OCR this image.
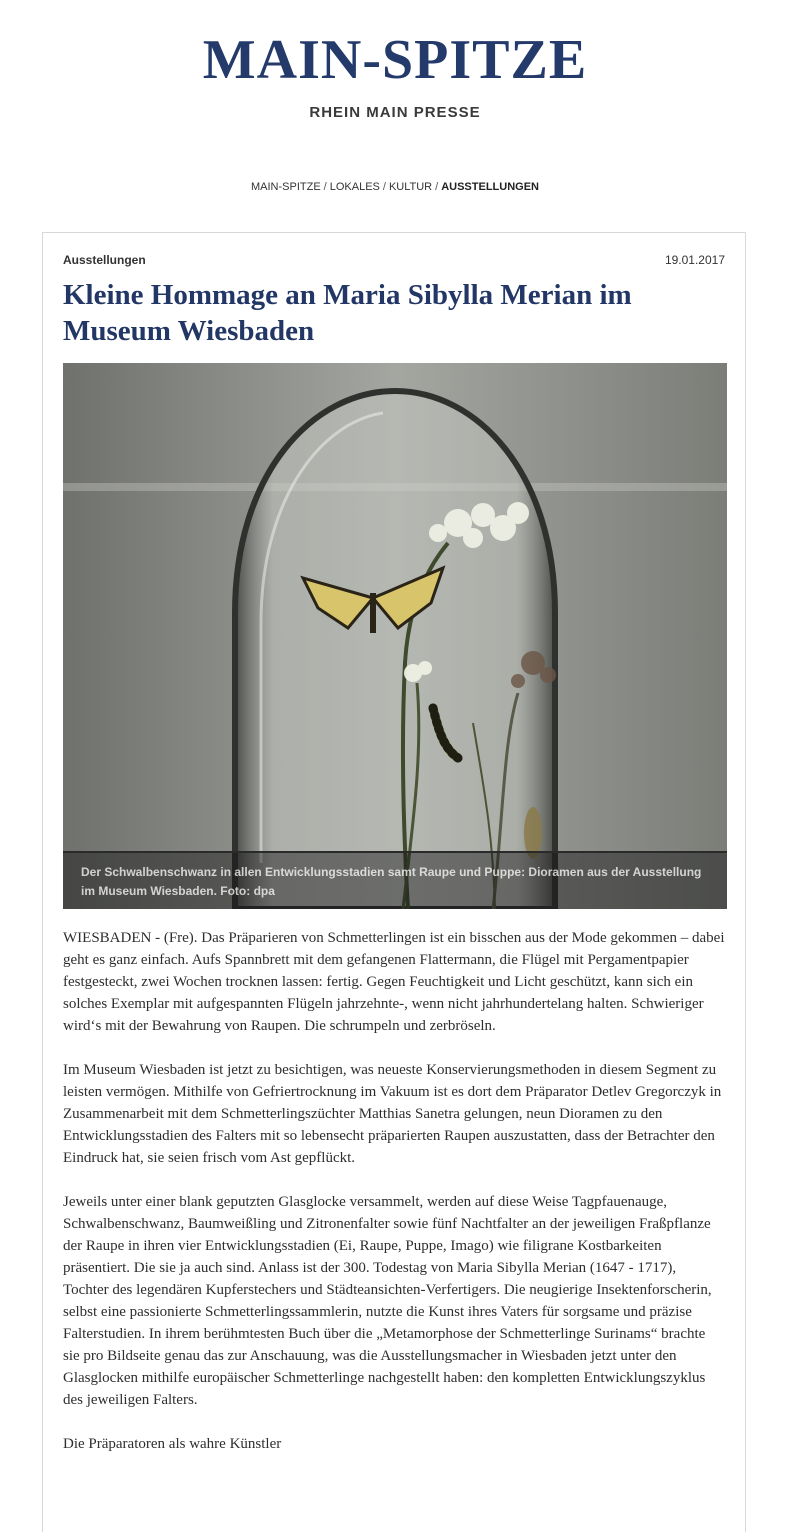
MAIN-SPITZE
RHEIN MAIN PRESSE
MAIN-SPITZE / LOKALES / KULTUR / AUSSTELLUNGEN
Ausstellungen	19.01.2017
Kleine Hommage an Maria Sibylla Merian im Museum Wiesbaden
Der Schwalbenschwanz in allen Entwicklungsstadien samt Raupe und Puppe: Dioramen aus der Ausstellung im Museum Wiesbaden. Foto: dpa

WIESBADEN - (Fre). Das Präparieren von Schmetterlingen ist ein bisschen aus der Mode gekommen – dabei geht es ganz einfach. Aufs Spannbrett mit dem gefangenen Flattermann, die Flügel mit Pergamentpapier festgesteckt, zwei Wochen trocknen lassen: fertig. Gegen Feuchtigkeit und Licht geschützt, kann sich ein solches Exemplar mit aufgespannten Flügeln jahrzehnte-, wenn nicht jahrhundertelang halten. Schwieriger wird‘s mit der Bewahrung von Raupen. Die schrumpeln und zerbröseln.

Im Museum Wiesbaden ist jetzt zu besichtigen, was neueste Konservierungsmethoden in diesem Segment zu leisten vermögen. Mithilfe von Gefriertrocknung im Vakuum ist es dort dem Präparator Detlev Gregorczyk in Zusammenarbeit mit dem Schmetterlingszüchter Matthias Sanetra gelungen, neun Dioramen zu den Entwicklungsstadien des Falters mit so lebensecht präparierten Raupen auszustatten, dass der Betrachter den Eindruck hat, sie seien frisch vom Ast gepflückt.

Jeweils unter einer blank geputzten Glasglocke versammelt, werden auf diese Weise Tagpfauenauge, Schwalbenschwanz, Baumweißling und Zitronenfalter sowie fünf Nachtfalter an der jeweiligen Fraßpflanze der Raupe in ihren vier Entwicklungsstadien (Ei, Raupe, Puppe, Imago) wie filigrane Kostbarkeiten präsentiert. Die sie ja auch sind. Anlass ist der 300. Todestag von Maria Sibylla Merian (1647 - 1717), Tochter des legendären Kupferstechers und Städteansichten-Verfertigers. Die neugierige Insektenforscherin, selbst eine passionierte Schmetterlingssammlerin, nutzte die Kunst ihres Vaters für sorgsame und präzise Falterstudien. In ihrem berühmtesten Buch über die „Metamorphose der Schmetterlinge Surinams“ brachte sie pro Bildseite genau das zur Anschauung, was die Ausstellungsmacher in Wiesbaden jetzt unter den Glasglocken mithilfe europäischer Schmetterlinge nachgestellt haben: den kompletten Entwicklungszyklus des jeweiligen Falters.

Die Präparatoren als wahre Künstler
